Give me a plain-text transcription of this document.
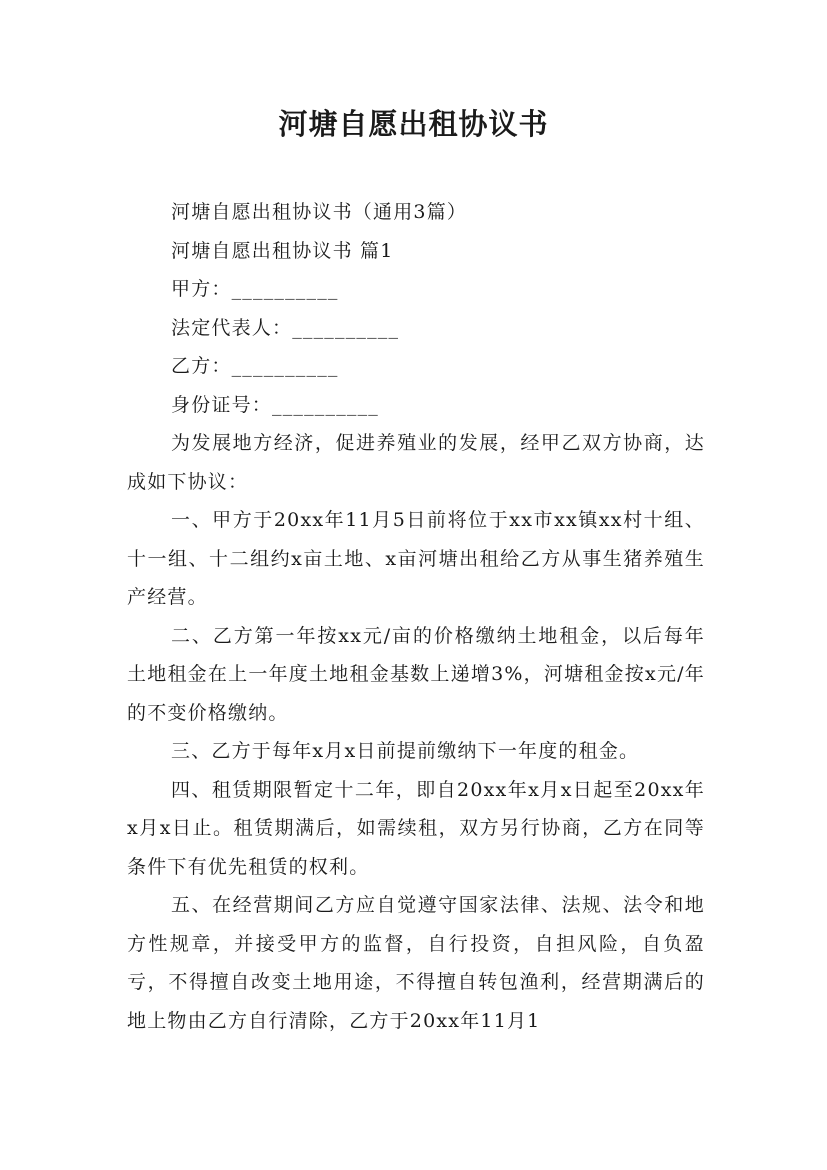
河塘自愿出租协议书

河塘自愿出租协议书（通用3篇）

河塘自愿出租协议书 篇1

甲方：__________

法定代表人：__________

乙方：__________

身份证号：__________

为发展地方经济，促进养殖业的发展，经甲乙双方协商，达成如下协议：

一、甲方于20xx年11月5日前将位于xx市xx镇xx村十组、十一组、十二组约x亩土地、x亩河塘出租给乙方从事生猪养殖生产经营。

二、乙方第一年按xx元/亩的价格缴纳土地租金，以后每年土地租金在上一年度土地租金基数上递增3%，河塘租金按x元/年的不变价格缴纳。

三、乙方于每年x月x日前提前缴纳下一年度的租金。

四、租赁期限暂定十二年，即自20xx年x月x日起至20xx年x月x日止。租赁期满后，如需续租，双方另行协商，乙方在同等条件下有优先租赁的权利。

五、在经营期间乙方应自觉遵守国家法律、法规、法令和地方性规章，并接受甲方的监督，自行投资，自担风险，自负盈亏，不得擅自改变土地用途，不得擅自转包渔利，经营期满后的地上物由乙方自行清除，乙方于20xx年11月1
